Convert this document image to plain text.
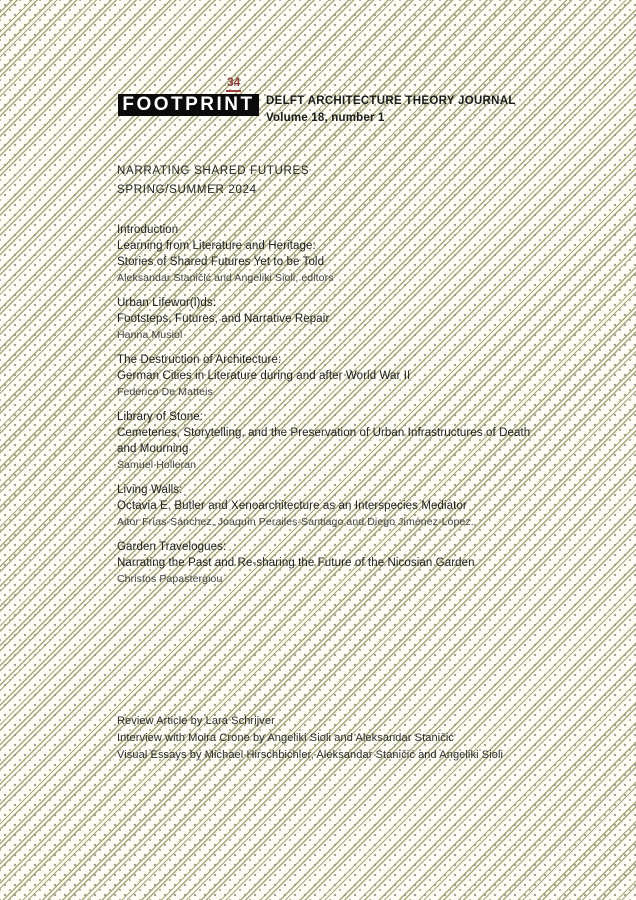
34
FOOTPRINT DELFT ARCHITECTURE THEORY JOURNAL
Volume 18, number 1
NARRATING SHARED FUTURES
SPRING/SUMMER 2024
Introduction
Learning from Literature and Heritage:
Stories of Shared Futures Yet to be Told
Aleksandar Staničić and Angeliki Sioli, editors
Urban Lifewor(l)ds:
Footsteps, Futures, and Narrative Repair
Hanna Musiol
The Destruction of Architecture:
German Cities in Literature during and after World War II
Federico De Matteis
Library of Stone:
Cemeteries, Storytelling, and the Preservation of Urban Infrastructures of Death
and Mourning
Samuel Holleran
Living Walls:
Octavia E. Butler and Xenoarchitecture as an Interspecies Mediator
Aitor Frías-Sánchez, Joaquín Perailes-Santiago and Diego Jiménez-López.
Garden Travelogues:
Narrating the Past and Re-sharing the Future of the Nicosian Garden
Christos Papastergiou
Review Article by Lara Schrijver
Interview with Moira Crone by Angeliki Sioli and Aleksandar Staničić
Visual Essays by Michael Hirschbichler, Aleksandar Staničić and Angeliki Sioli
